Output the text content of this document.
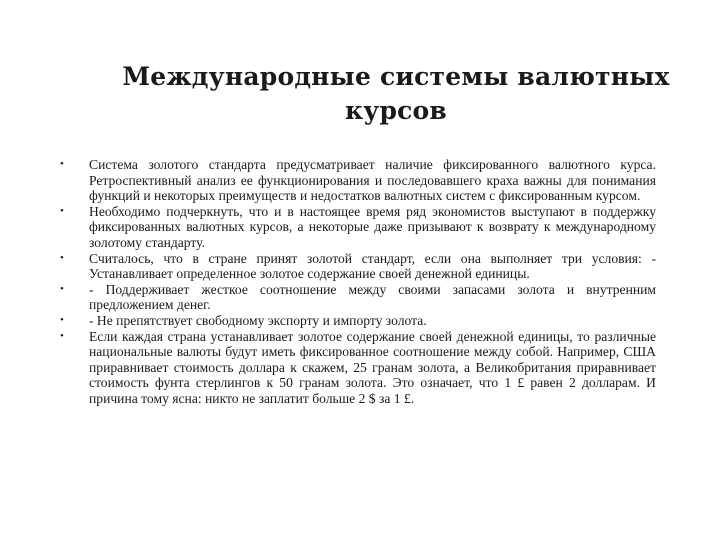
Международные системы валютных курсов
•	Система золотого стандарта предусматривает наличие фиксированного валютного курса. Ретроспективный анализ ее функционирования и последовавшего краха важны для понимания функций и некоторых преимуществ и недостатков валютных систем с фиксированным курсом.
•	Необходимо подчеркнуть, что и в настоящее время ряд экономистов выступают в поддержку фиксированных валютных курсов, а некоторые даже призывают к возврату к международному золотому стандарту.
•	Считалось, что в стране принят золотой стандарт, если она выполняет три условия: - Устанавливает определенное золотое содержание своей денежной единицы.
•	- Поддерживает жесткое соотношение между своими запасами золота и внутренним предложением денег.
•	- Не препятствует свободному экспорту и импорту золота.
•	Если каждая страна устанавливает золотое содержание своей денежной единицы, то различные национальные валюты будут иметь фиксированное соотношение между собой. Например, США приравнивает стоимость доллара к скажем, 25 гранам золота, а Великобритания приравнивает стоимость фунта стерлингов к 50 гранам золота. Это означает, что 1 £ равен 2 долларам. И причина тому ясна: никто не заплатит больше 2 $ за 1 £.
